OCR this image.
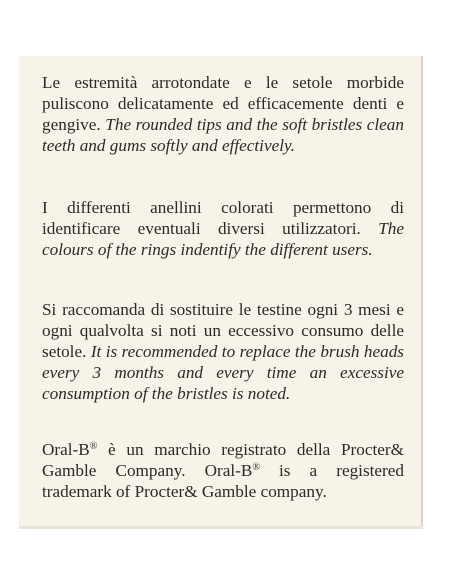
Le estremità arrotondate e le setole morbide puliscono delicatamente ed efficacemente denti e gengive. The rounded tips and the soft bristles clean teeth and gums softly and effectively.

I differenti anellini colorati permettono di identificare eventuali diversi utilizzatori. The colours of the rings indentify the different users.

Si raccomanda di sostituire le testine ogni 3 mesi e ogni qualvolta si noti un eccessivo consumo delle setole. It is recommended to replace the brush heads every 3 months and every time an excessive consumption of the bristles is noted.

Oral-B® è un marchio registrato della Procter& Gamble Company. Oral-B® is a registered trademark of Procter& Gamble company.
